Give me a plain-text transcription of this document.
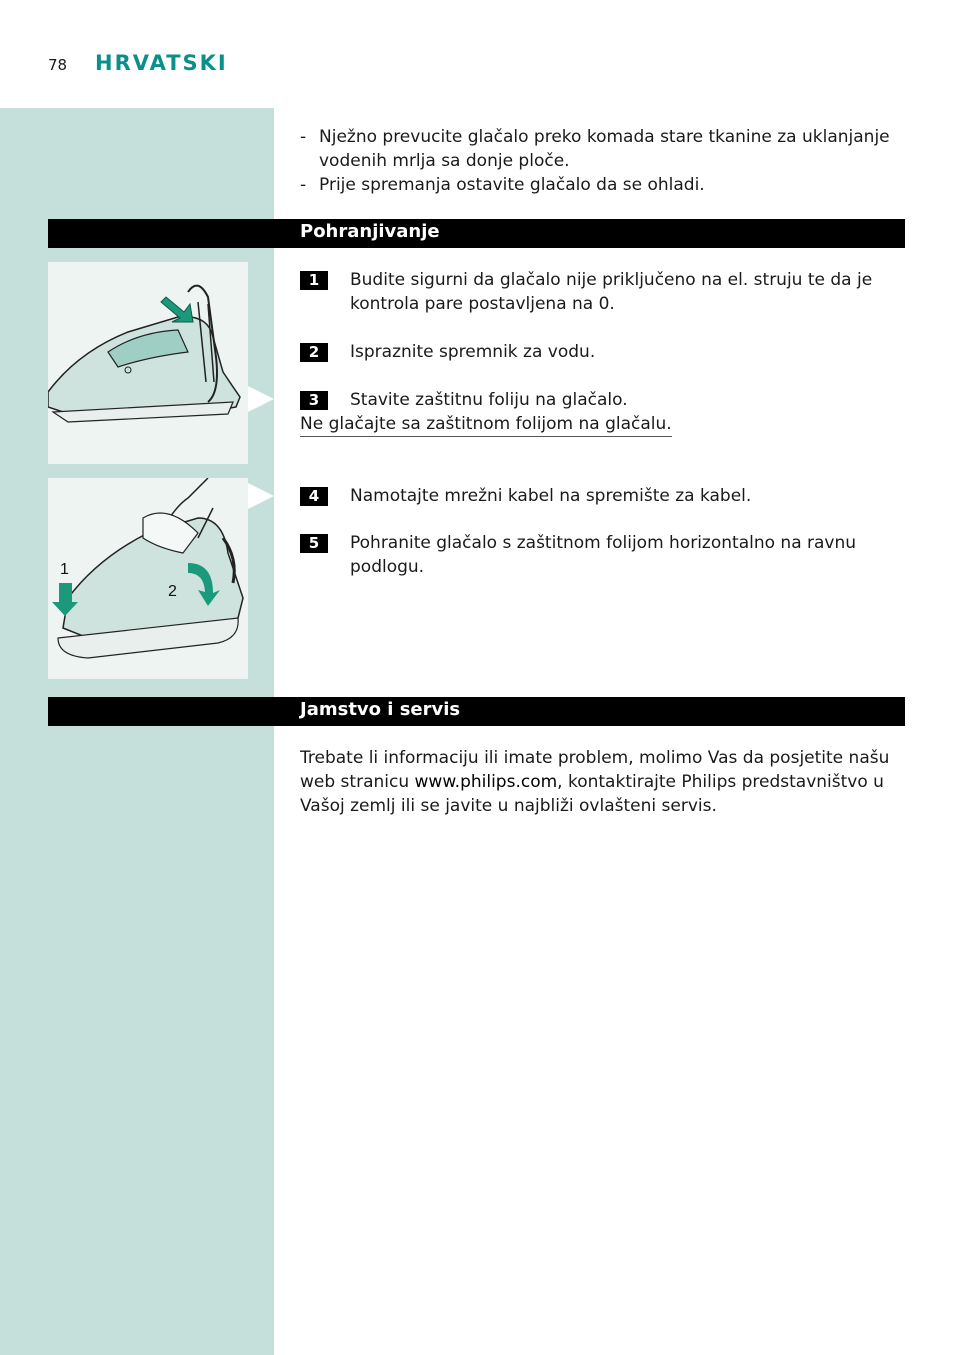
78 HRVATSKI
- Nježno prevucite glačalo preko komada stare tkanine za uklanjanje vodenih mrlja sa donje ploče.
- Prije spremanja ostavite glačalo da se ohladi.
Pohranjivanje
1
2
1	Budite sigurni da glačalo nije priključeno na el. struju te da je kontrola pare postavljena na 0.
2	Ispraznite spremnik za vodu.
3	Stavite zaštitnu foliju na glačalo.
Ne glačajte sa zaštitnom folijom na glačalu.
4	Namotajte mrežni kabel na spremište za kabel.
5	Pohranite glačalo s zaštitnom folijom horizontalno na ravnu podlogu.
Jamstvo i servis
Trebate li informaciju ili imate problem, molimo Vas da posjetite našu web stranicu www.philips.com, kontaktirajte Philips predstavništvo u Vašoj zemlj ili se javite u najbliži ovlašteni servis.
